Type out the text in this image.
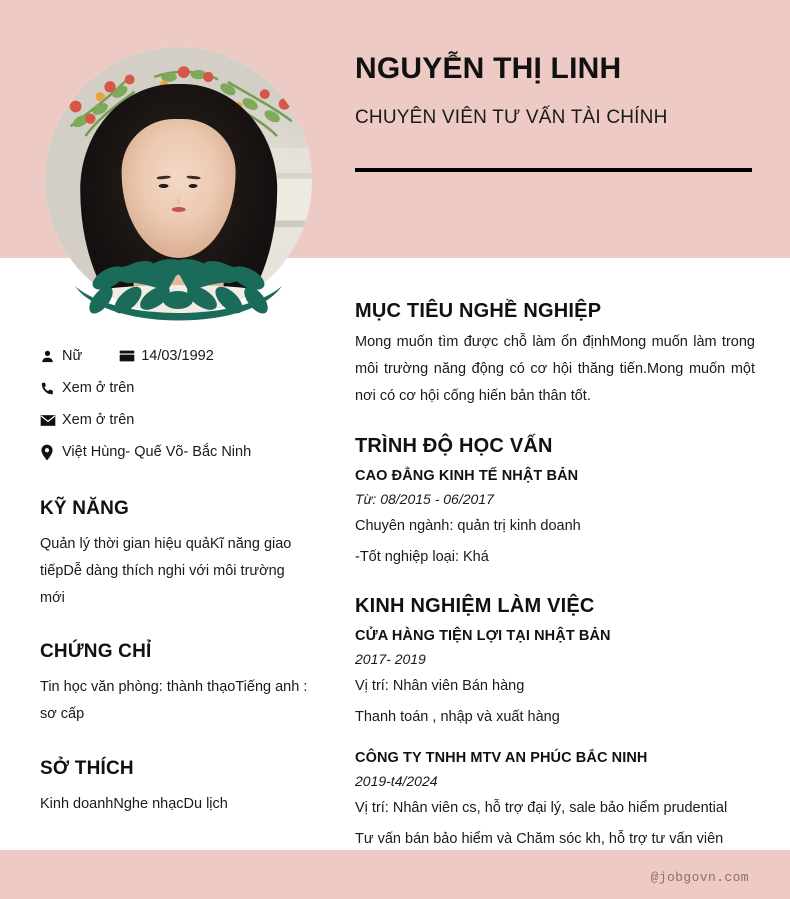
NGUYỄN THỊ LINH
CHUYÊN VIÊN TƯ VẤN TÀI CHÍNH
Nữ	14/03/1992
Xem ở trên
Xem ở trên
Việt Hùng- Quế Võ- Bắc Ninh
KỸ NĂNG
Quản lý thời gian hiệu quảKĩ năng giao tiếpDễ dàng thích nghi với môi trường mới
CHỨNG CHỈ
Tin học văn phòng: thành thạoTiếng anh : sơ cấp
SỞ THÍCH
Kinh doanhNghe nhạcDu lịch
MỤC TIÊU NGHỀ NGHIỆP
Mong muốn tìm được chỗ làm ổn địnhMong muốn làm trong môi trường năng động có cơ hội thăng tiến.Mong muốn một nơi có cơ hội cống hiến bản thân tốt.
TRÌNH ĐỘ HỌC VẤN
CAO ĐẲNG KINH TẾ NHẬT BẢN
Từ: 08/2015 - 06/2017
Chuyên ngành: quản trị kinh doanh
-Tốt nghiệp loại: Khá
KINH NGHIỆM LÀM VIỆC
CỬA HÀNG TIỆN LỢI TẠI NHẬT BẢN
2017- 2019
Vị trí: Nhân viên Bán hàng
Thanh toán , nhập và xuất hàng
CÔNG TY TNHH MTV AN PHÚC BẮC NINH
2019-t4/2024
Vị trí: Nhân viên cs, hỗ trợ đại lý, sale bảo hiểm prudential
Tư vấn bán bảo hiểm và Chăm sóc kh, hỗ trợ tư vấn viên
@jobgovn.com
